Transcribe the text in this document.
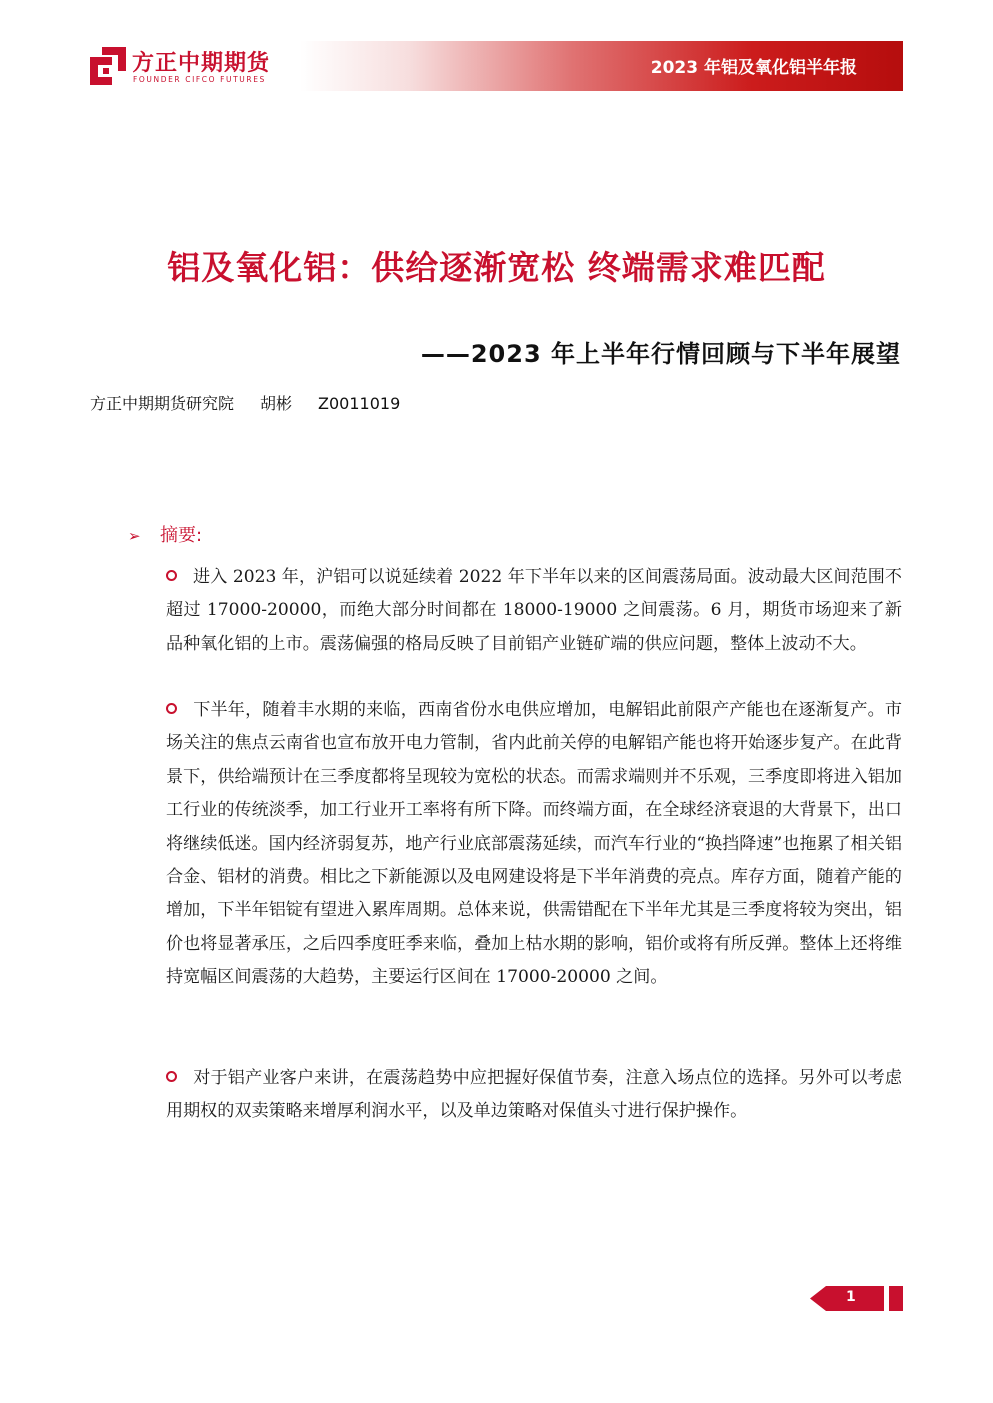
方正中期期货
FOUNDER CIFCO FUTURES
2023 年铝及氧化铝半年报
铝及氧化铝：供给逐渐宽松 终端需求难匹配
——2023 年上半年行情回顾与下半年展望
方正中期期货研究院 胡彬 Z0011019
➢ 摘要:
进入 2023 年，沪铝可以说延续着 2022 年下半年以来的区间震荡局面。波动最大区间范围不超过 17000-20000，而绝大部分时间都在 18000-19000 之间震荡。6 月，期货市场迎来了新品种氧化铝的上市。震荡偏强的格局反映了目前铝产业链矿端的供应问题，整体上波动不大。
下半年，随着丰水期的来临，西南省份水电供应增加，电解铝此前限产产能也在逐渐复产。市场关注的焦点云南省也宣布放开电力管制，省内此前关停的电解铝产能也将开始逐步复产。在此背景下，供给端预计在三季度都将呈现较为宽松的状态。而需求端则并不乐观，三季度即将进入铝加工行业的传统淡季，加工行业开工率将有所下降。而终端方面，在全球经济衰退的大背景下，出口将继续低迷。国内经济弱复苏，地产行业底部震荡延续，而汽车行业的“换挡降速”也拖累了相关铝合金、铝材的消费。相比之下新能源以及电网建设将是下半年消费的亮点。库存方面，随着产能的增加，下半年铝锭有望进入累库周期。总体来说，供需错配在下半年尤其是三季度将较为突出，铝价也将显著承压，之后四季度旺季来临，叠加上枯水期的影响，铝价或将有所反弹。整体上还将维持宽幅区间震荡的大趋势，主要运行区间在 17000-20000 之间。
对于铝产业客户来讲，在震荡趋势中应把握好保值节奏，注意入场点位的选择。另外可以考虑用期权的双卖策略来增厚利润水平，以及单边策略对保值头寸进行保护操作。
1
